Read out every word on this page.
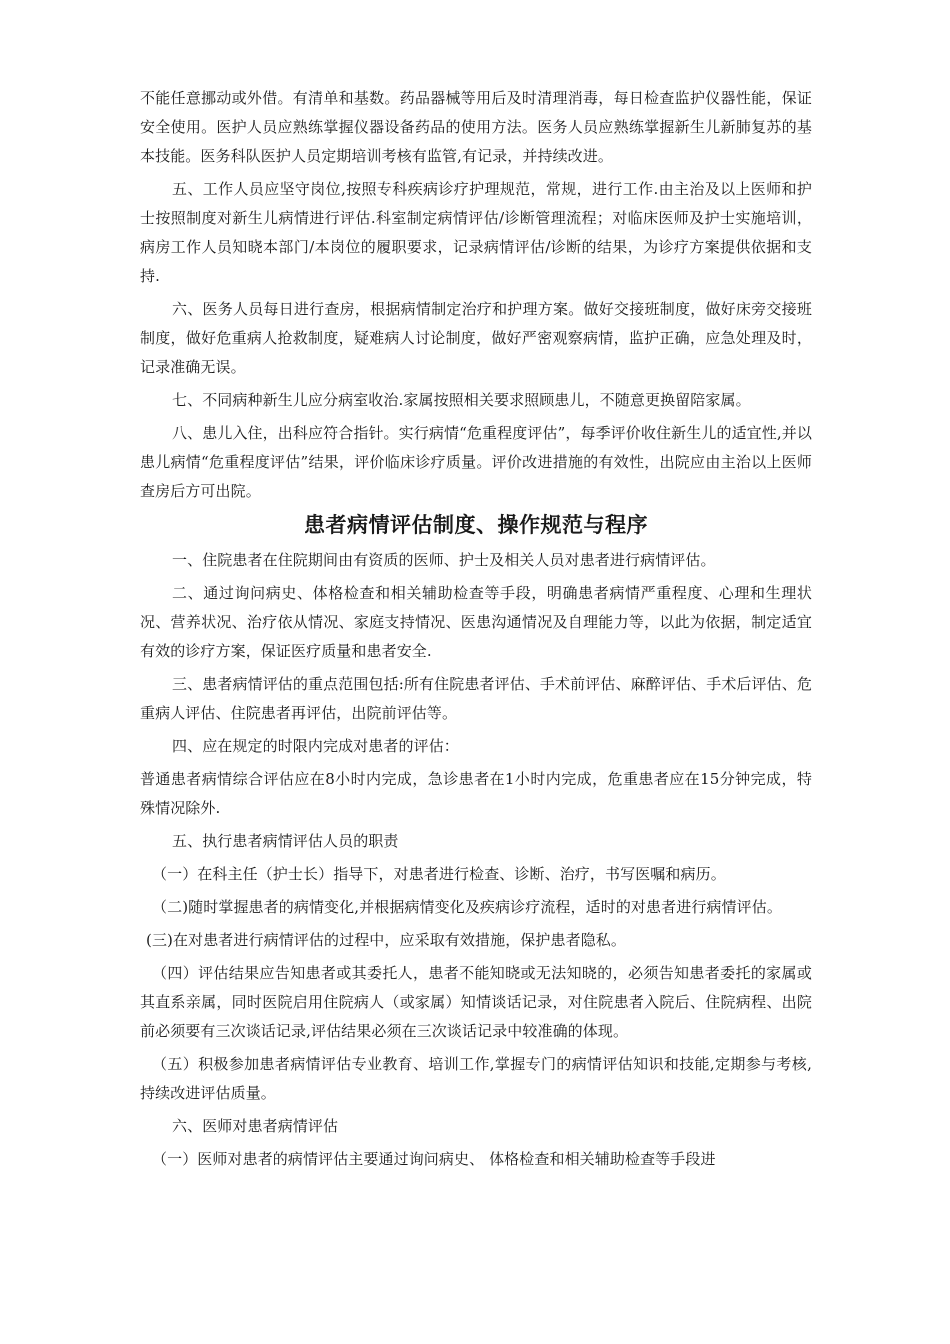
不能任意挪动或外借。有清单和基数。药品器械等用后及时清理消毒，每日检查监护仪器性能，保证安全使用。医护人员应熟练掌握仪器设备药品的使用方法。医务人员应熟练掌握新生儿新肺复苏的基本技能。医务科队医护人员定期培训考核有监管,有记录，并持续改进。

五、工作人员应坚守岗位,按照专科疾病诊疗护理规范，常规，进行工作.由主治及以上医师和护士按照制度对新生儿病情进行评估.科室制定病情评估/诊断管理流程；对临床医师及护士实施培训，病房工作人员知晓本部门/本岗位的履职要求，记录病情评估/诊断的结果，为诊疗方案提供依据和支持.

六、医务人员每日进行查房，根据病情制定治疗和护理方案。做好交接班制度，做好床旁交接班制度，做好危重病人抢救制度，疑难病人讨论制度，做好严密观察病情，监护正确，应急处理及时，记录准确无误。

七、不同病种新生儿应分病室收治.家属按照相关要求照顾患儿，不随意更换留陪家属。

八、患儿入住，出科应符合指针。实行病情“危重程度评估”，每季评价收住新生儿的适宜性,并以患儿病情“危重程度评估”结果，评价临床诊疗质量。评价改进措施的有效性，出院应由主治以上医师查房后方可出院。

患者病情评估制度、操作规范与程序

一、住院患者在住院期间由有资质的医师、护士及相关人员对患者进行病情评估。

二、通过询问病史、体格检查和相关辅助检查等手段，明确患者病情严重程度、心理和生理状况、营养状况、治疗依从情况、家庭支持情况、医患沟通情况及自理能力等，以此为依据，制定适宜有效的诊疗方案，保证医疗质量和患者安全.

三、患者病情评估的重点范围包括:所有住院患者评估、手术前评估、麻醉评估、手术后评估、危重病人评估、住院患者再评估，出院前评估等。

四、应在规定的时限内完成对患者的评估：

普通患者病情综合评估应在8小时内完成，急诊患者在1小时内完成，危重患者应在15分钟完成，特殊情况除外.

五、执行患者病情评估人员的职责

（一）在科主任（护士长）指导下，对患者进行检查、诊断、治疗，书写医嘱和病历。

（二)随时掌握患者的病情变化,并根据病情变化及疾病诊疗流程，适时的对患者进行病情评估。

(三)在对患者进行病情评估的过程中，应采取有效措施，保护患者隐私。

（四）评估结果应告知患者或其委托人，患者不能知晓或无法知晓的，必须告知患者委托的家属或其直系亲属，同时医院启用住院病人（或家属）知情谈话记录，对住院患者入院后、住院病程、出院前必须要有三次谈话记录,评估结果必须在三次谈话记录中较准确的体现。

（五）积极参加患者病情评估专业教育、培训工作,掌握专门的病情评估知识和技能,定期参与考核,持续改进评估质量。

六、医师对患者病情评估

（一）医师对患者的病情评估主要通过询问病史、 体格检查和相关辅助检查等手段进
